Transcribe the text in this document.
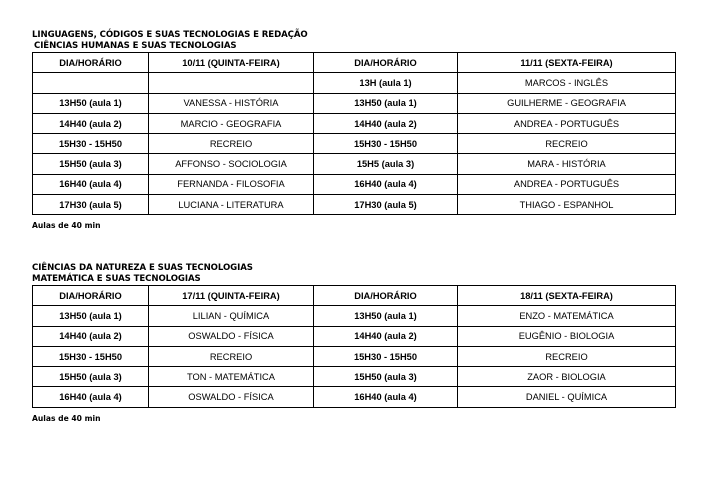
LINGUAGENS, CÓDIGOS E SUAS TECNOLOGIAS E REDAÇÃO
CIÊNCIAS HUMANAS E SUAS TECNOLOGIAS
DIA/HORÁRIO	10/11 (QUINTA-FEIRA)	DIA/HORÁRIO	11/11 (SEXTA-FEIRA)
		13H (aula 1)	MARCOS - INGLÊS
13H50 (aula 1)	VANESSA - HISTÓRIA	13H50 (aula 1)	GUILHERME - GEOGRAFIA
14H40 (aula 2)	MARCIO - GEOGRAFIA	14H40 (aula 2)	ANDREA - PORTUGUÊS
15H30 - 15H50	RECREIO	15H30 - 15H50	RECREIO
15H50 (aula 3)	AFFONSO - SOCIOLOGIA	15H5 (aula 3)	MARA - HISTÓRIA
16H40 (aula 4)	FERNANDA - FILOSOFIA	16H40 (aula 4)	ANDREA - PORTUGUÊS
17H30 (aula 5)	LUCIANA - LITERATURA	17H30 (aula 5)	THIAGO - ESPANHOL
Aulas de 40 min
CIÊNCIAS DA NATUREZA E SUAS TECNOLOGIAS
MATEMÁTICA E SUAS TECNOLOGIAS
DIA/HORÁRIO	17/11 (QUINTA-FEIRA)	DIA/HORÁRIO	18/11 (SEXTA-FEIRA)
13H50 (aula 1)	LILIAN - QUÍMICA	13H50 (aula 1)	ENZO - MATEMÁTICA
14H40 (aula 2)	OSWALDO - FÍSICA	14H40 (aula 2)	EUGÊNIO - BIOLOGIA
15H30 - 15H50	RECREIO	15H30 - 15H50	RECREIO
15H50 (aula 3)	TON - MATEMÁTICA	15H50 (aula 3)	ZAOR - BIOLOGIA
16H40 (aula 4)	OSWALDO - FÍSICA	16H40 (aula 4)	DANIEL - QUÍMICA
Aulas de 40 min
